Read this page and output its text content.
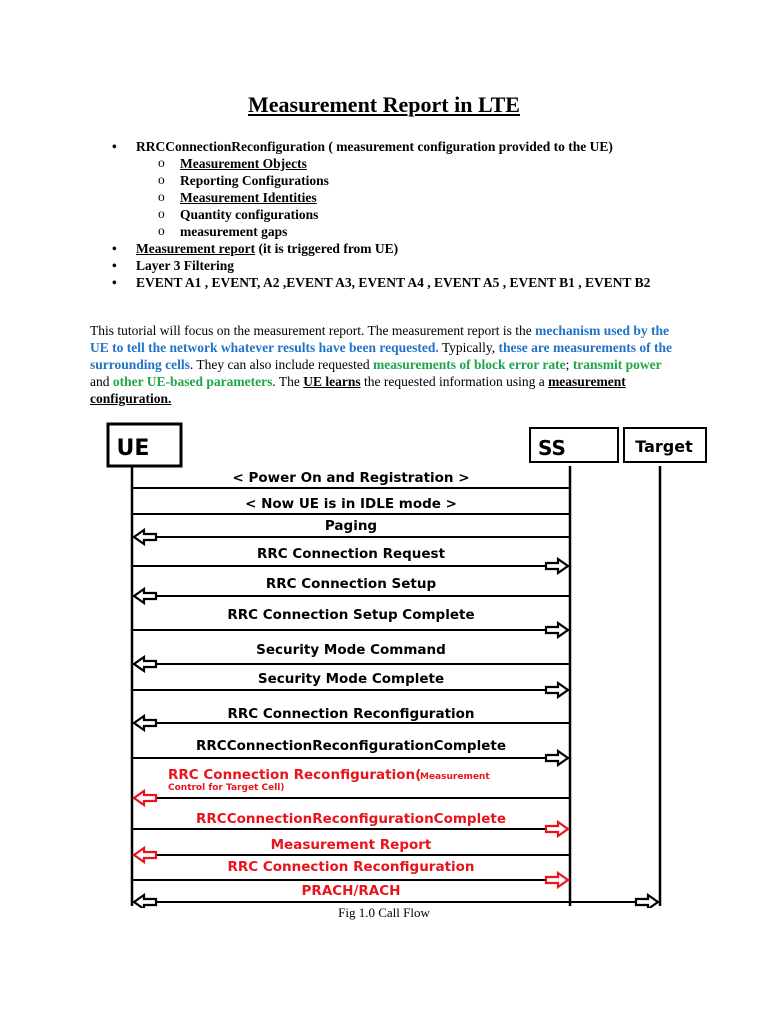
Measurement Report in LTE
• RRCConnectionReconfiguration ( measurement configuration provided to the UE)
o Measurement Objects
o Reporting Configurations
o Measurement Identities
o Quantity configurations
o measurement gaps
• Measurement report (it is triggered from UE)
• Layer 3 Filtering
• EVENT A1 , EVENT, A2 ,EVENT A3, EVENT A4 , EVENT A5 , EVENT B1 , EVENT B2
This tutorial will focus on the measurement report. The measurement report is the mechanism used by the UE to tell the network whatever results have been requested. Typically, these are measurements of the surrounding cells. They can also include requested measurements of block error rate; transmit power and other UE-based parameters. The UE learns the requested information using a measurement configuration.
UE	SS	Target
< Power On and Registration >
< Now UE is in IDLE mode >
Paging
RRC Connection Request
RRC Connection Setup
RRC Connection Setup Complete
Security Mode Command
Security Mode Complete
RRC Connection Reconfiguration
RRCConnectionReconfigurationComplete
RRC Connection Reconfiguration(
Measurement
Control for Target Cell)
RRCConnectionReconfigurationComplete
Measurement Report
RRC Connection Reconfiguration
PRACH/RACH
Fig 1.0 Call Flow
